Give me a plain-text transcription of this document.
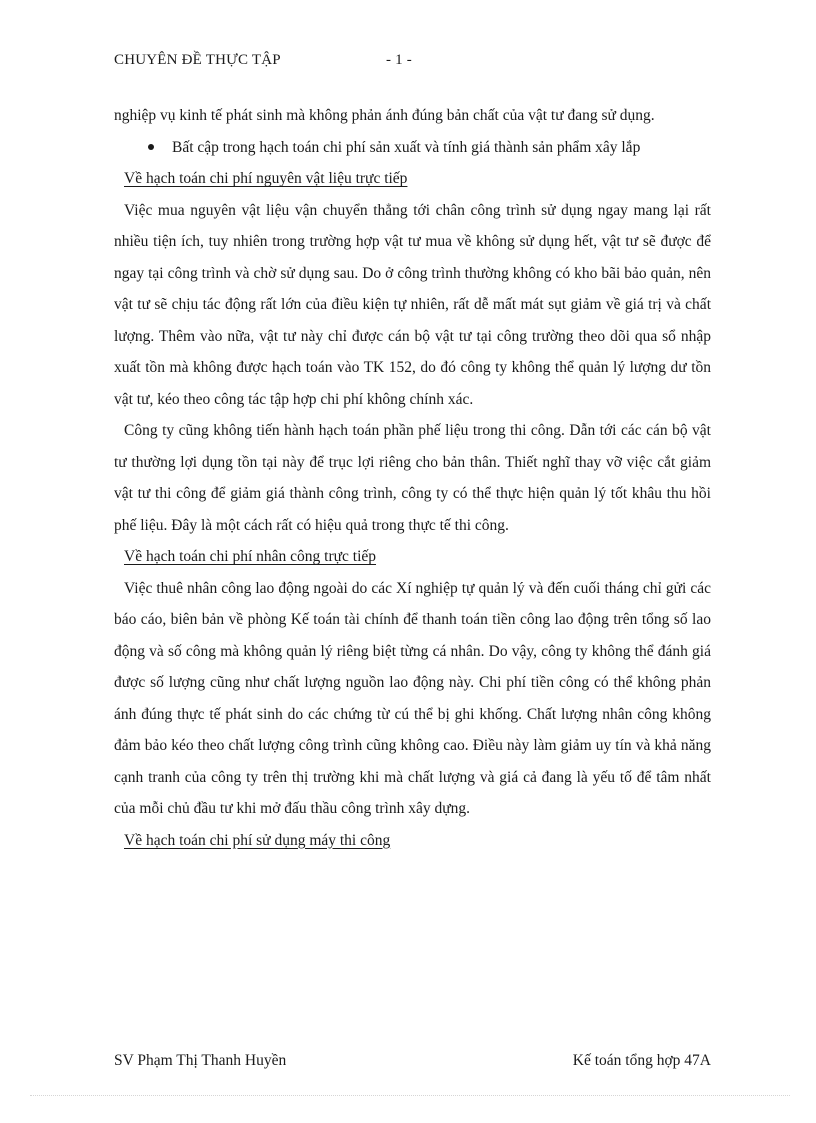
CHUYÊN ĐỀ THỰC TẬP	- 1 -

nghiệp vụ kinh tế phát sinh mà không phản ánh đúng bản chất của vật tư đang sử dụng.

Bất cập trong hạch toán chi phí sản xuất và tính giá thành sản phẩm xây lắp

Về hạch toán chi phí nguyên vật liệu trực tiếp

Việc mua nguyên vật liệu vận chuyển thẳng tới chân công trình sử dụng ngay mang lại rất nhiều tiện ích, tuy nhiên trong trường hợp vật tư mua về không sử dụng hết, vật tư sẽ được để ngay tại công trình và chờ sử dụng sau. Do ở công trình thường không có kho bãi bảo quản, nên vật tư sẽ chịu tác động rất lớn của điều kiện tự nhiên, rất dễ mất mát sụt giảm về giá trị và chất lượng. Thêm vào nữa, vật tư này chỉ được cán bộ vật tư tại công trường theo dõi qua sổ nhập xuất tồn mà không được hạch toán vào TK 152, do đó công ty không thể quản lý lượng dư tồn vật tư, kéo theo công tác tập hợp chi phí không chính xác.

Công ty cũng không tiến hành hạch toán phần phế liệu trong thi công. Dẫn tới các cán bộ vật tư thường lợi dụng tồn tại này để trục lợi riêng cho bản thân. Thiết nghĩ thay vỡ việc cắt giảm vật tư thi công để giảm giá thành công trình, công ty có thể thực hiện quản lý tốt khâu thu hồi phế liệu. Đây là một cách rất có hiệu quả trong thực tế thi công.

Về hạch toán chi phí nhân công trực tiếp

Việc thuê nhân công lao động ngoài do các Xí nghiệp tự quản lý và đến cuối tháng chỉ gửi các báo cáo, biên bản về phòng Kế toán tài chính để thanh toán tiền công lao động trên tổng số lao động và số công mà không quản lý riêng biệt từng cá nhân. Do vậy, công ty không thể đánh giá được số lượng cũng như chất lượng nguồn lao động này. Chi phí tiền công có thể không phản ánh đúng thực tế phát sinh do các chứng từ cú thể bị ghi khống. Chất lượng nhân công không đảm bảo kéo theo chất lượng công trình cũng không cao. Điều này làm giảm uy tín và khả năng cạnh tranh của công ty trên thị trường khi mà chất lượng và giá cả đang là yếu tố để tâm nhất của mỗi chủ đầu tư khi mở đấu thầu công trình xây dựng.

Về hạch toán chi phí sử dụng máy thi công

SV Phạm Thị Thanh Huyền	Kế toán tổng hợp 47A
